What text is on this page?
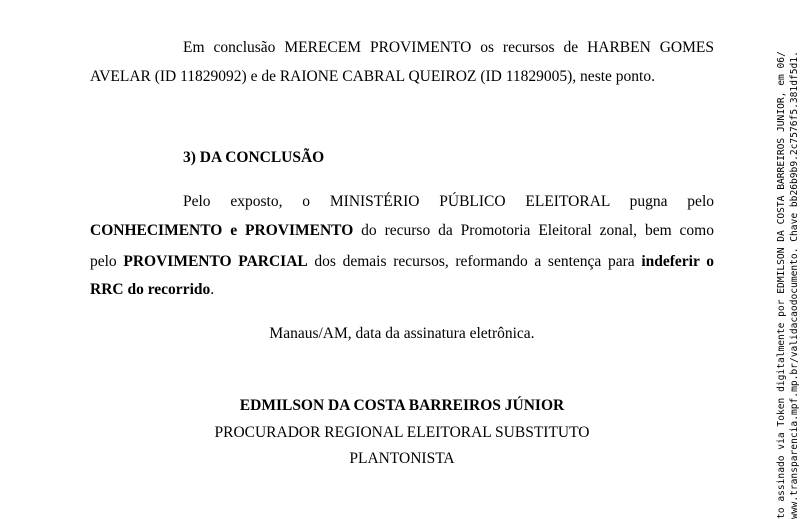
Em conclusão MERECEM PROVIMENTO os recursos de HARBEN GOMES
AVELAR (ID 11829092) e de RAIONE CABRAL QUEIROZ (ID 11829005), neste ponto.
3) DA CONCLUSÃO
Pelo exposto, o MINISTÉRIO PÚBLICO ELEITORAL pugna pelo
CONHECIMENTO e PROVIMENTO do recurso da Promotoria Eleitoral zonal, bem como
pelo PROVIMENTO PARCIAL dos demais recursos, reformando a sentença para indeferir o
RRC do recorrido.
Manaus/AM, data da assinatura eletrônica.
EDMILSON DA COSTA BARREIROS JÚNIOR
PROCURADOR REGIONAL ELEITORAL SUBSTITUTO
PLANTONISTA	to assinado via Token digitalmente por EDMILSON DA COSTA BARREIROS JUNIOR, em 06/ www.transparencia.mpf.mp.br/validacaodocumento. Chave bb26b9b9.2c7576f5.381df5d1.
